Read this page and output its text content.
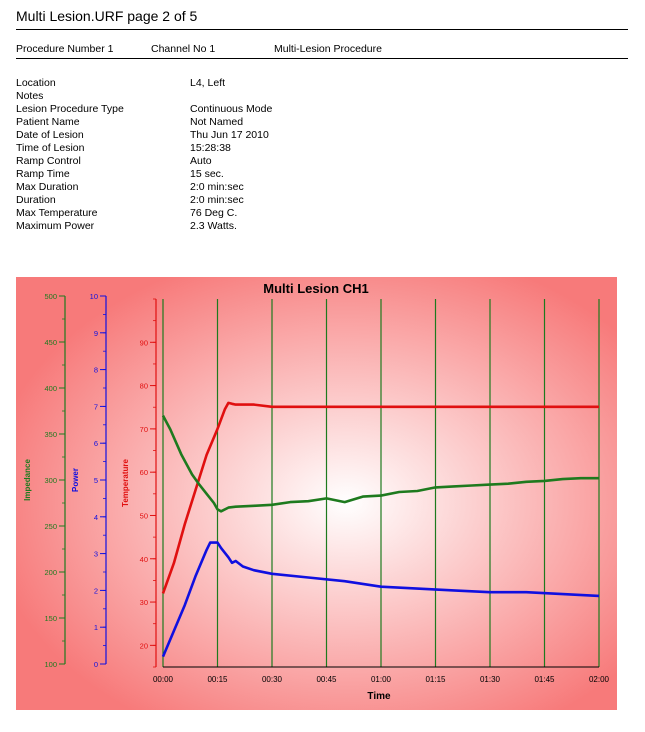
Multi Lesion.URF page 2 of 5
Procedure Number 1	Channel No 1	Multi-Lesion Procedure
Location	L4, Left
Notes
Lesion Procedure Type	Continuous Mode
Patient Name	Not Named
Date of Lesion	Thu Jun 17 2010
Time of Lesion	15:28:38
Ramp Control	Auto
Ramp Time	15 sec.
Max Duration	2:0 min:sec
Duration	2:0 min:sec
Max Temperature	76 Deg C.
Maximum Power	2.3 Watts.
00:00	00:15	00:30	00:45	01:00	01:15	01:30	01:45	02:00
100
150
200
250
300
350
400
450
500
Impedance
0
1
2
3
4
5
6
7
8
9
10
Power
20
30
40
50
60
70
80
90
Temperature
Multi Lesion CH1
Time
